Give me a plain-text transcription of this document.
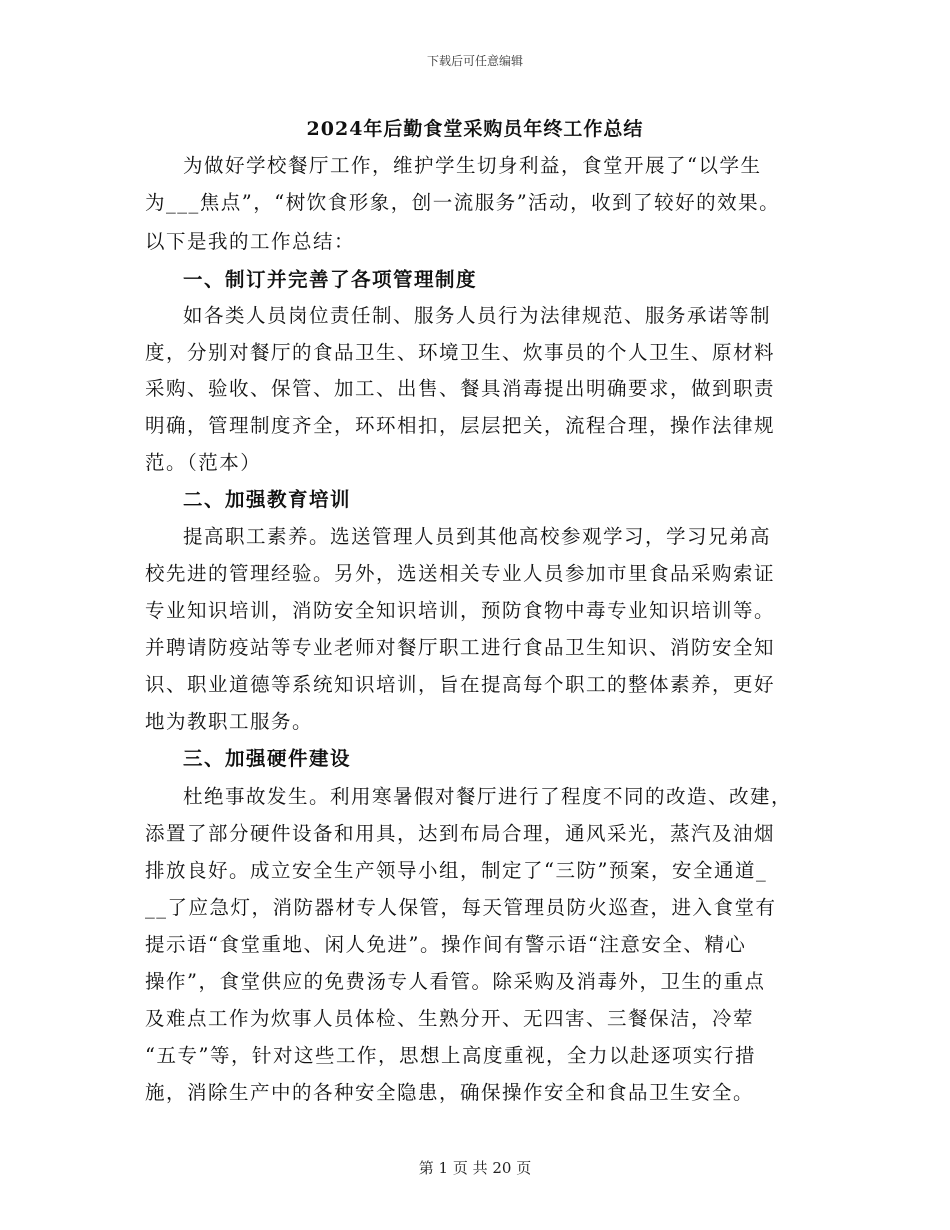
下载后可任意编辑
2024年后勤食堂采购员年终工作总结
为做好学校餐厅工作，维护学生切身利益，食堂开展了“以学生
为___焦点”，“树饮食形象，创一流服务”活动，收到了较好的效果。
以下是我的工作总结：
一、制订并完善了各项管理制度
如各类人员岗位责任制、服务人员行为法律规范、服务承诺等制
度，分别对餐厅的食品卫生、环境卫生、炊事员的个人卫生、原材料
采购、验收、保管、加工、出售、餐具消毒提出明确要求，做到职责
明确，管理制度齐全，环环相扣，层层把关，流程合理，操作法律规
范。（范本）
二、加强教育培训
提高职工素养。选送管理人员到其他高校参观学习，学习兄弟高
校先进的管理经验。另外，选送相关专业人员参加市里食品采购索证
专业知识培训，消防安全知识培训，预防食物中毒专业知识培训等。
并聘请防疫站等专业老师对餐厅职工进行食品卫生知识、消防安全知
识、职业道德等系统知识培训，旨在提高每个职工的整体素养，更好
地为教职工服务。
三、加强硬件建设
杜绝事故发生。利用寒暑假对餐厅进行了程度不同的改造、改建，
添置了部分硬件设备和用具，达到布局合理，通风采光，蒸汽及油烟
排放良好。成立安全生产领导小组，制定了“三防”预案，安全通道_
__了应急灯，消防器材专人保管，每天管理员防火巡查，进入食堂有
提示语“食堂重地、闲人免进”。操作间有警示语“注意安全、精心
操作”，食堂供应的免费汤专人看管。除采购及消毒外，卫生的重点
及难点工作为炊事人员体检、生熟分开、无四害、三餐保洁，冷荤
“五专”等，针对这些工作，思想上高度重视，全力以赴逐项实行措
施，消除生产中的各种安全隐患，确保操作安全和食品卫生安全。
第 1 页 共 20 页
